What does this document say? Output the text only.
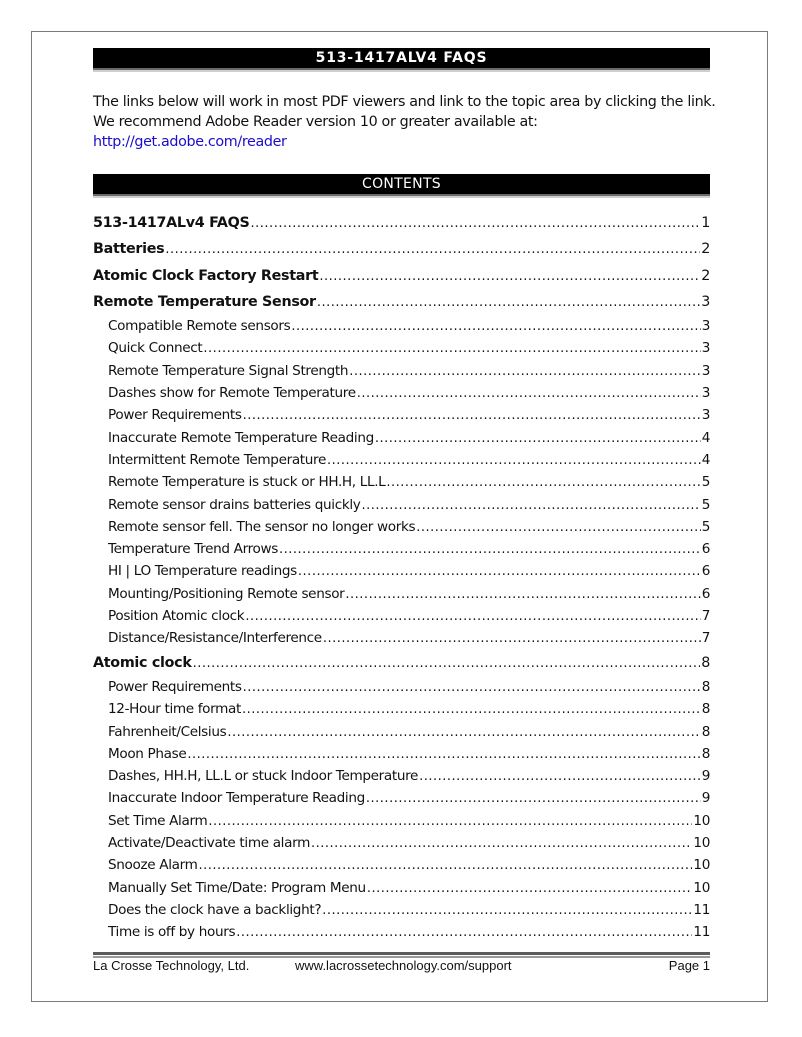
513-1417ALV4 FAQS
The links below will work in most PDF viewers and link to the topic area by clicking the link. We recommend Adobe Reader version 10 or greater available at:
http://get.adobe.com/reader
CONTENTS
513-1417ALv4 FAQS .....	1
Batteries .....	2
Atomic Clock Factory Restart .....	2
Remote Temperature Sensor .....	3
Compatible Remote sensors .....	3
Quick Connect .....	3
Remote Temperature Signal Strength .....	3
Dashes show for Remote Temperature .....	3
Power Requirements .....	3
Inaccurate Remote Temperature Reading .....	4
Intermittent Remote Temperature .....	4
Remote Temperature is stuck or HH.H, LL.L .....	5
Remote sensor drains batteries quickly .....	5
Remote sensor fell. The sensor no longer works .....	5
Temperature Trend Arrows .....	6
HI | LO Temperature readings .....	6
Mounting/Positioning Remote sensor .....	6
Position Atomic clock .....	7
Distance/Resistance/Interference .....	7
Atomic clock .....	8
Power Requirements .....	8
12-Hour time format .....	8
Fahrenheit/Celsius .....	8
Moon Phase .....	8
Dashes, HH.H, LL.L or stuck Indoor Temperature .....	9
Inaccurate Indoor Temperature Reading .....	9
Set Time Alarm .....	10
Activate/Deactivate time alarm .....	10
Snooze Alarm .....	10
Manually Set Time/Date: Program Menu .....	10
Does the clock have a backlight? .....	11
Time is off by hours .....	11
La Crosse Technology, Ltd.	www.lacrossetechnology.com/support	Page 1
